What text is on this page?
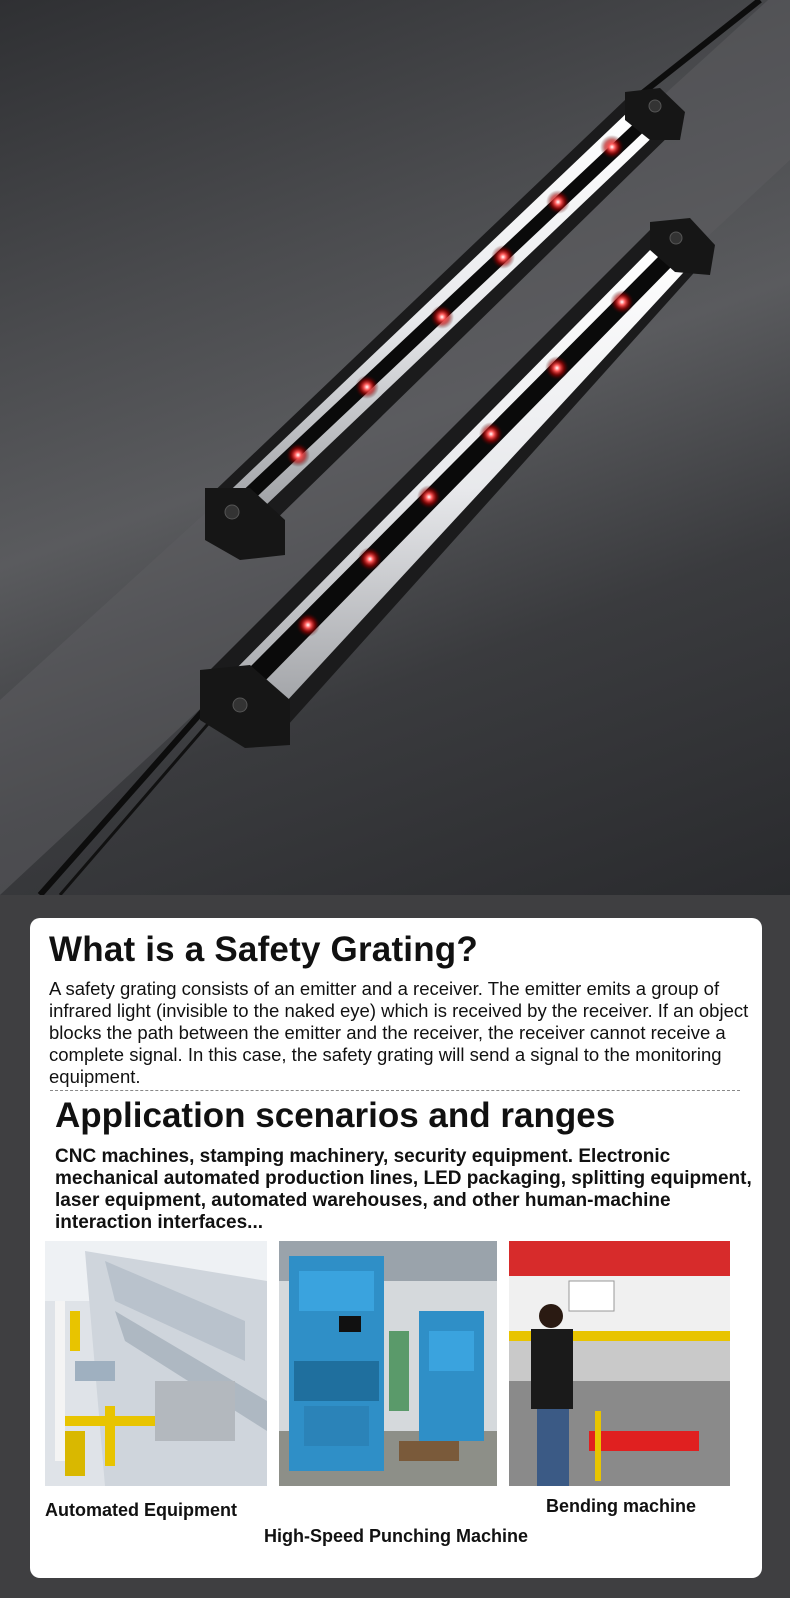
What is a Safety Grating?
A safety grating consists of an emitter and a receiver. The emitter emits a group of infrared light (invisible to the naked eye) which is received by the receiver. If an object blocks the path between the emitter and the receiver, the receiver cannot receive a complete signal. In this case, the safety grating will send a signal to the monitoring equipment.
Application scenarios and ranges
CNC machines, stamping machinery, security equipment. Electronic mechanical automated production lines, LED packaging, splitting equipment, laser equipment, automated warehouses, and other human-machine interaction interfaces...
Automated Equipment
High-Speed Punching Machine
Bending machine
